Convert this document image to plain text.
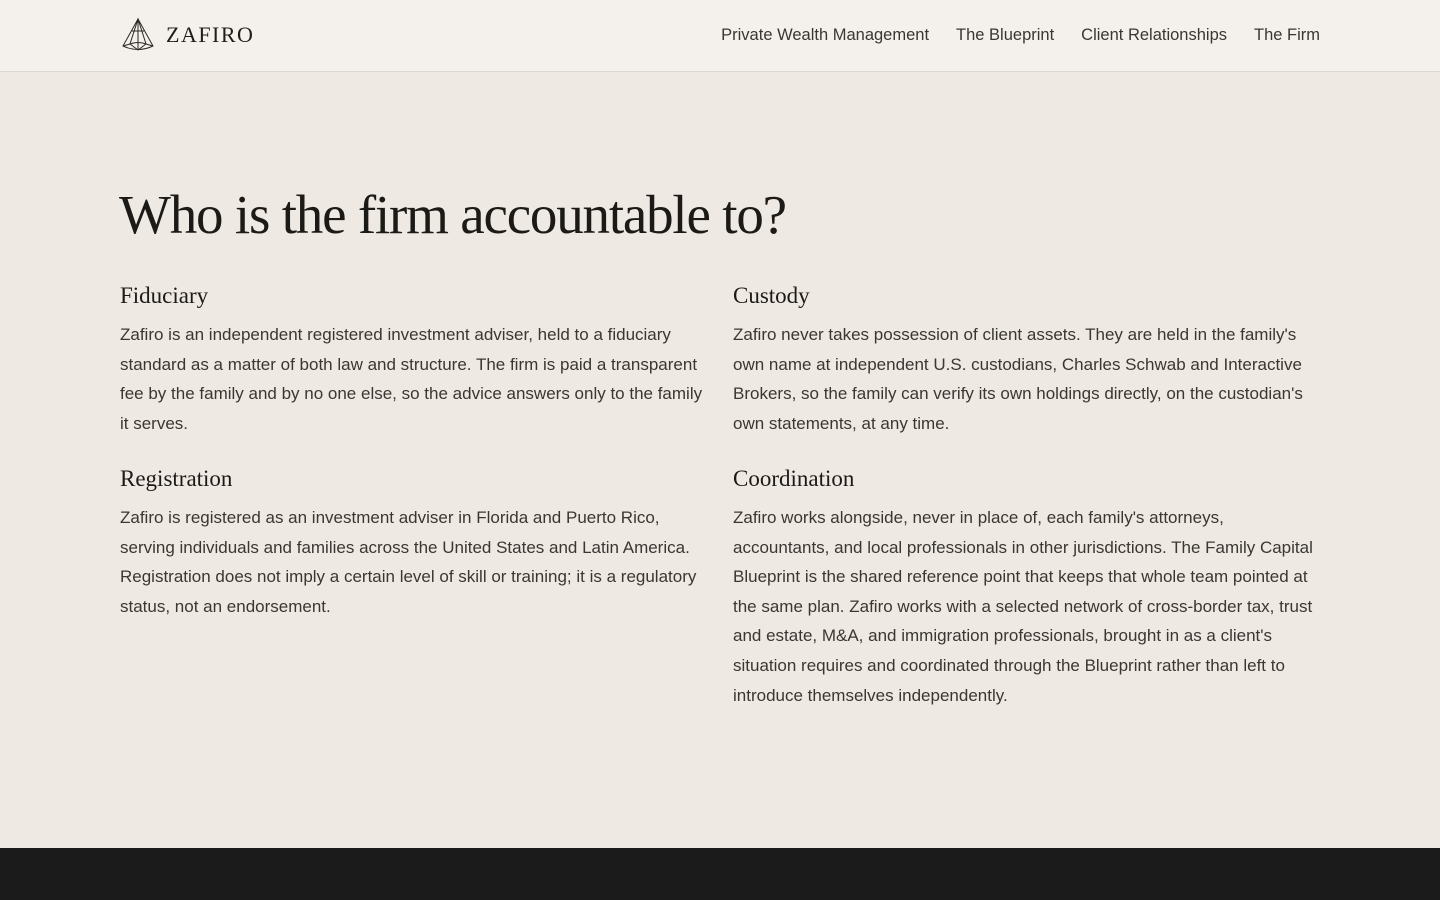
ZAFIRO	Private Wealth Management The Blueprint Client Relationships The Firm
Who is the firm accountable to?
Fiduciary

Zafiro is an independent registered investment adviser, held to a fiduciary standard as a matter of both law and structure. The firm is paid a transparent fee by the family and by no one else, so the advice answers only to the family it serves.

Custody

Zafiro never takes possession of client assets. They are held in the family's own name at independent U.S. custodians, Charles Schwab and Interactive Brokers, so the family can verify its own holdings directly, on the custodian's own statements, at any time.

Registration

Zafiro is registered as an investment adviser in Florida and Puerto Rico, serving individuals and families across the United States and Latin America. Registration does not imply a certain level of skill or training; it is a regulatory status, not an endorsement.

Coordination

Zafiro works alongside, never in place of, each family's attorneys, accountants, and local professionals in other jurisdictions. The Family Capital Blueprint is the shared reference point that keeps that whole team pointed at the same plan. Zafiro works with a selected network of cross-border tax, trust and estate, M&A, and immigration professionals, brought in as a client's situation requires and coordinated through the Blueprint rather than left to introduce themselves independently.
